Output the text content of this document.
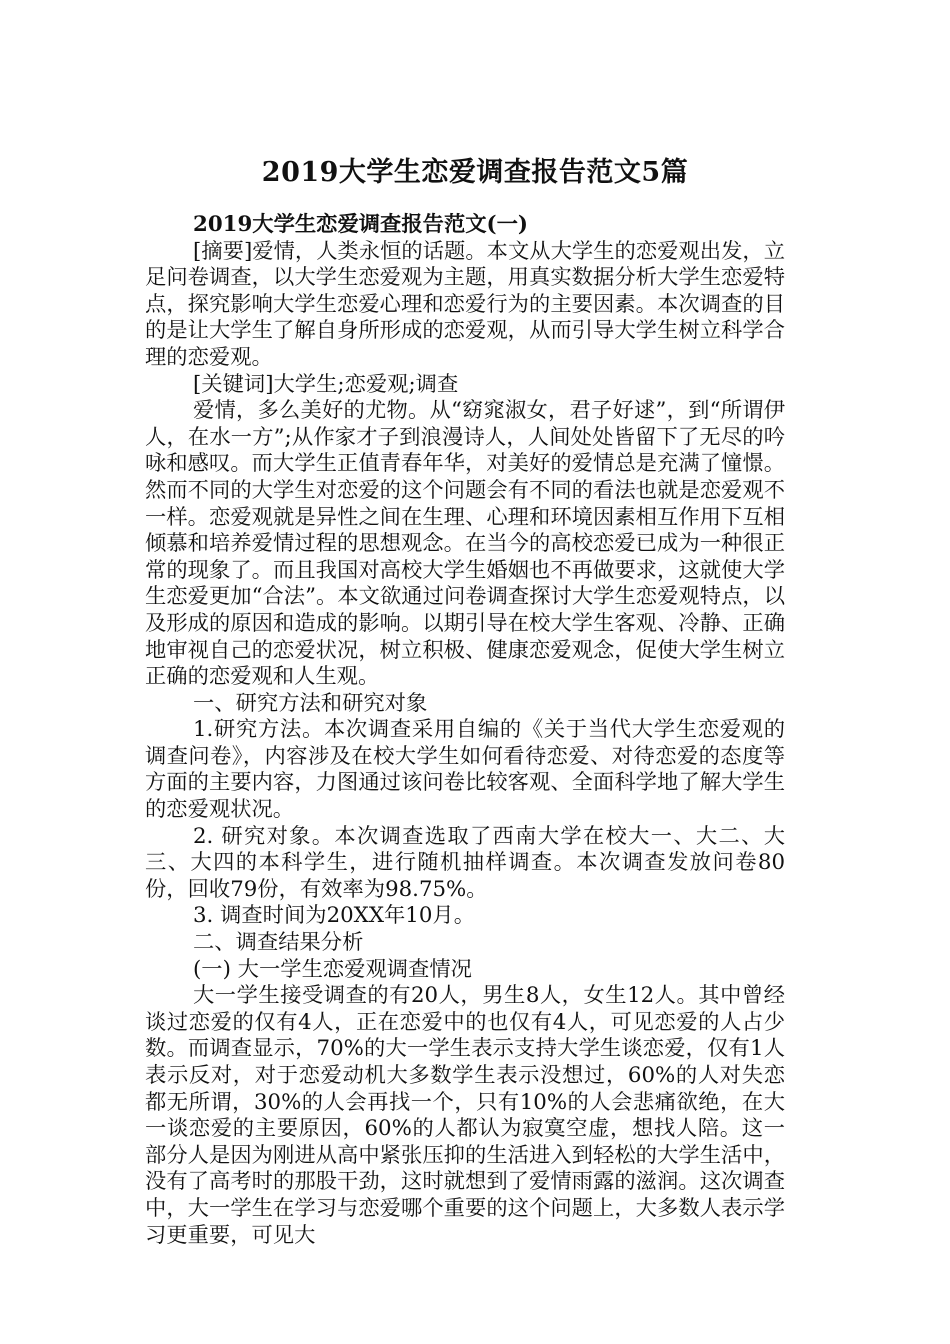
2019大学生恋爱调查报告范文5篇

2019大学生恋爱调查报告范文(一)

[摘要]爱情，人类永恒的话题。本文从大学生的恋爱观出发，立足问卷调查，以大学生恋爱观为主题，用真实数据分析大学生恋爱特点，探究影响大学生恋爱心理和恋爱行为的主要因素。本次调查的目的是让大学生了解自身所形成的恋爱观，从而引导大学生树立科学合理的恋爱观。

[关键词]大学生;恋爱观;调查

爱情，多么美好的尤物。从“窈窕淑女，君子好逑”，到“所谓伊人，在水一方”;从作家才子到浪漫诗人，人间处处皆留下了无尽的吟咏和感叹。而大学生正值青春年华，对美好的爱情总是充满了憧憬。然而不同的大学生对恋爱的这个问题会有不同的看法也就是恋爱观不一样。恋爱观就是异性之间在生理、心理和环境因素相互作用下互相倾慕和培养爱情过程的思想观念。在当今的高校恋爱已成为一种很正常的现象了。而且我国对高校大学生婚姻也不再做要求，这就使大学生恋爱更加“合法”。本文欲通过问卷调查探讨大学生恋爱观特点，以及形成的原因和造成的影响。以期引导在校大学生客观、冷静、正确地审视自己的恋爱状况，树立积极、健康恋爱观念，促使大学生树立正确的恋爱观和人生观。

一、研究方法和研究对象

1.研究方法。本次调查采用自编的《关于当代大学生恋爱观的调查问卷》，内容涉及在校大学生如何看待恋爱、对待恋爱的态度等方面的主要内容，力图通过该问卷比较客观、全面科学地了解大学生的恋爱观状况。

2. 研究对象。本次调查选取了西南大学在校大一、大二、大三、大四的本科学生，进行随机抽样调查。本次调查发放问卷80份，回收79份，有效率为98.75%。

3. 调查时间为20XX年10月。

二、调查结果分析

(一) 大一学生恋爱观调查情况

大一学生接受调查的有20人，男生8人，女生12人。其中曾经谈过恋爱的仅有4人，正在恋爱中的也仅有4人，可见恋爱的人占少数。而调查显示，70%的大一学生表示支持大学生谈恋爱，仅有1人表示反对，对于恋爱动机大多数学生表示没想过，60%的人对失恋都无所谓，30%的人会再找一个，只有10%的人会悲痛欲绝，在大一谈恋爱的主要原因，60%的人都认为寂寞空虚，想找人陪。这一部分人是因为刚进从高中紧张压抑的生活进入到轻松的大学生活中，没有了高考时的那股干劲，这时就想到了爱情雨露的滋润。这次调查中，大一学生在学习与恋爱哪个重要的这个问题上，大多数人表示学习更重要，可见大
